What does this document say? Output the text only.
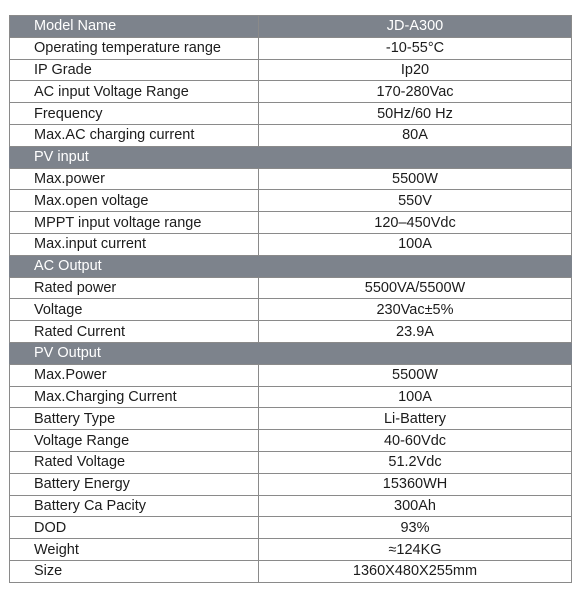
Model Name	JD-A300
Operating temperature range	-10-55°C
IP Grade	Ip20
AC input Voltage Range	170-280Vac
Frequency	50Hz/60 Hz
Max.AC charging current	80A
PV input	
Max.power	5500W
Max.open voltage	550V
MPPT input voltage range	120–450Vdc
Max.input current	100A
AC Output	
Rated power	5500VA/5500W
Voltage	230Vac±5%
Rated Current	23.9A
PV Output	
Max.Power	5500W
Max.Charging Current	100A
Battery Type	Li-Battery
Voltage Range	40-60Vdc
Rated Voltage	51.2Vdc
Battery Energy	15360WH
Battery Ca Pacity	300Ah
DOD	93%
Weight	≈124KG
Size	1360X480X255mm
